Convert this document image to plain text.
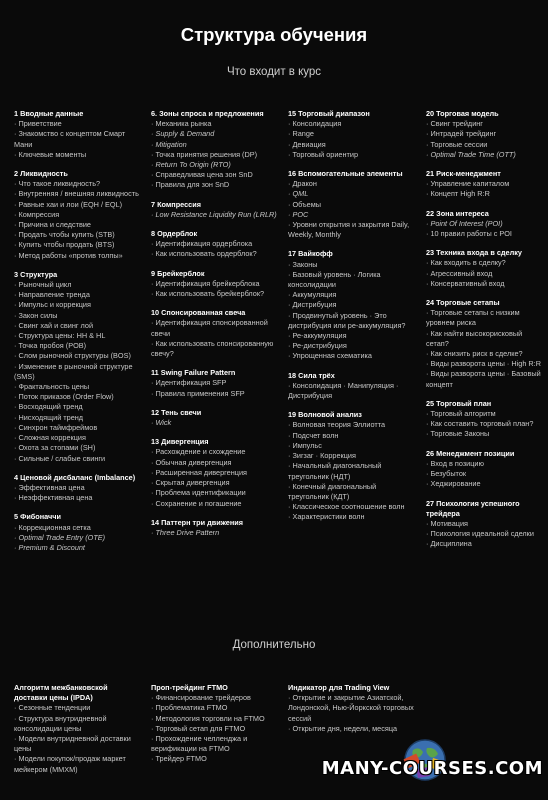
Структура обучения
Что входит в курс
1 Вводные данные
· Приветствие
· Знакомство с концептом Смарт Мани
· Ключевые моменты
2 Ликвидность
· Что такое ликвидность?
· Внутренняя / внешняя ликвидность
· Равные хаи и лои (EQH / EQL)
· Компрессия
· Причина и следствие
· Продать чтобы купить (STB)
· Купить чтобы продать (BTS)
· Метод работы «против толпы»
3 Структура
· Рыночный цикл
· Направление тренда
· Импульс и коррекция
· Закон силы
· Свинг хай и свинг лой
· Структура цены: HH & HL
· Точка пробоя (POB)
· Слом рыночной структуры (BOS)
· Изменение в рыночной структуре (SMS)
· Фрактальность цены
· Поток приказов (Order Flow)
· Восходящий тренд
· Нисходящий тренд
· Синхрон таймфреймов
· Сложная коррекция
· Охота за стопами (SH)
· Сильные / слабые свинги
4 Ценовой дисбаланс (Imbalance)
· Эффективная цена
· Неэффективная цена
5 Фибоначчи
· Коррекционная сетка
· Optimal Trade Entry (OTE)
· Premium & Discount
6. Зоны спроса и предложения
· Механика рынка
· Supply & Demand
· Mitigation
· Точка принятия решения (DP)
· Return To Origin (RTO)
· Справедливая цена зон SnD
· Правила для зон SnD
7 Компрессия
· Low Resistance Liquidity Run (LRLR)
8 Ордерблок
· Идентификация ордерблока
· Как использовать ордерблок?
9 Брейкерблок
· Идентификация брейкерблока
· Как использовать брейкерблок?
10 Спонсированная свеча
· Идентификация спонсированной свечи
· Как использовать спонсированную свечу?
11 Swing Failure Pattern
· Идентификация SFP
· Правила применения SFP
12 Тень свечи
· Wick
13 Дивергенция
· Расхождение и схождение
· Обычная дивергенция
· Расширенная дивергенция
· Скрытая дивергенция
· Проблема идентификации
· Сохранение и погашение
14 Паттерн три движения
· Three Drive Pattern
15 Торговый диапазон
· Консолидация
· Range
· Девиация
· Торговый ориентир
16 Вспомогательные элементы
· Дракон
· QML
· Объемы
· POC
· Уровни открытия и закрытия Daily, Weekly, Monthly
17 Вайкофф
· Законы
· Базовый уровень · Логика консолидации
· Аккумуляция
· Дистрибуция
· Продвинутый уровень · Это дистрибуция или ре-аккумуляция?
· Ре-аккумуляция
· Ре-дистрибуция
· Упрощенная схематика
18 Сила трёх
· Консолидация · Манипуляция · Дистрибуция
19 Волновой анализ
· Волновая теория Эллиотта
· Подсчет волн
· Импульс
· Зигзаг · Коррекция
· Начальный диагональный треугольник (НДТ)
· Конечный диагональный треугольник (КДТ)
· Классическое соотношение волн
· Характеристики волн
20 Торговая модель
· Свинг трейдинг
· Интрадей трейдинг
· Торговые сессии
· Optimal Trade Time (OTT)
21 Риск-менеджмент
· Управление капиталом
· Концепт High R:R
22 Зона интереса
· Point Of Interest (POI)
· 10 правил работы с POI
23 Техника входа в сделку
· Как входить в сделку?
· Агрессивный вход
· Консервативный вход
24 Торговые сетапы
· Торговые сетапы с низким уровнем риска
· Как найти высокорисковый сетап?
· Как снизить риск в сделке?
· Виды разворота цены · High R:R
· Виды разворота цены · Базовый концепт
25 Торговый план
· Торговый алгоритм
· Как составить торговый план?
· Торговые Законы
26 Менеджмент позиции
· Вход в позицию
· Безубыток
· Хеджирование
27 Психология успешного трейдера
· Мотивация
· Психология идеальной сделки
· Дисциплина
Дополнительно
Алгоритм межбанковской доставки цены (IPDA)
· Сезонные тенденции
· Структура внутридневной консолидации цены
· Модели внутридневной доставки цены
· Модели покупок/продаж маркет мейкером (MMXM)
Проп-трейдинг FTMO
· Финансирование трейдеров
· Проблематика FTMO
· Методология торговли на FTMO
· Торговый сетап для FTMO
· Прохождение челленджа и верификации на FTMO
· Трейдер FTMO
Индикатор для Trading View
· Открытие и закрытие Азиатской, Лондонской, Нью-Йоркской торговых сессий
· Открытие дня, недели, месяца
MANY-COURSES.COM
